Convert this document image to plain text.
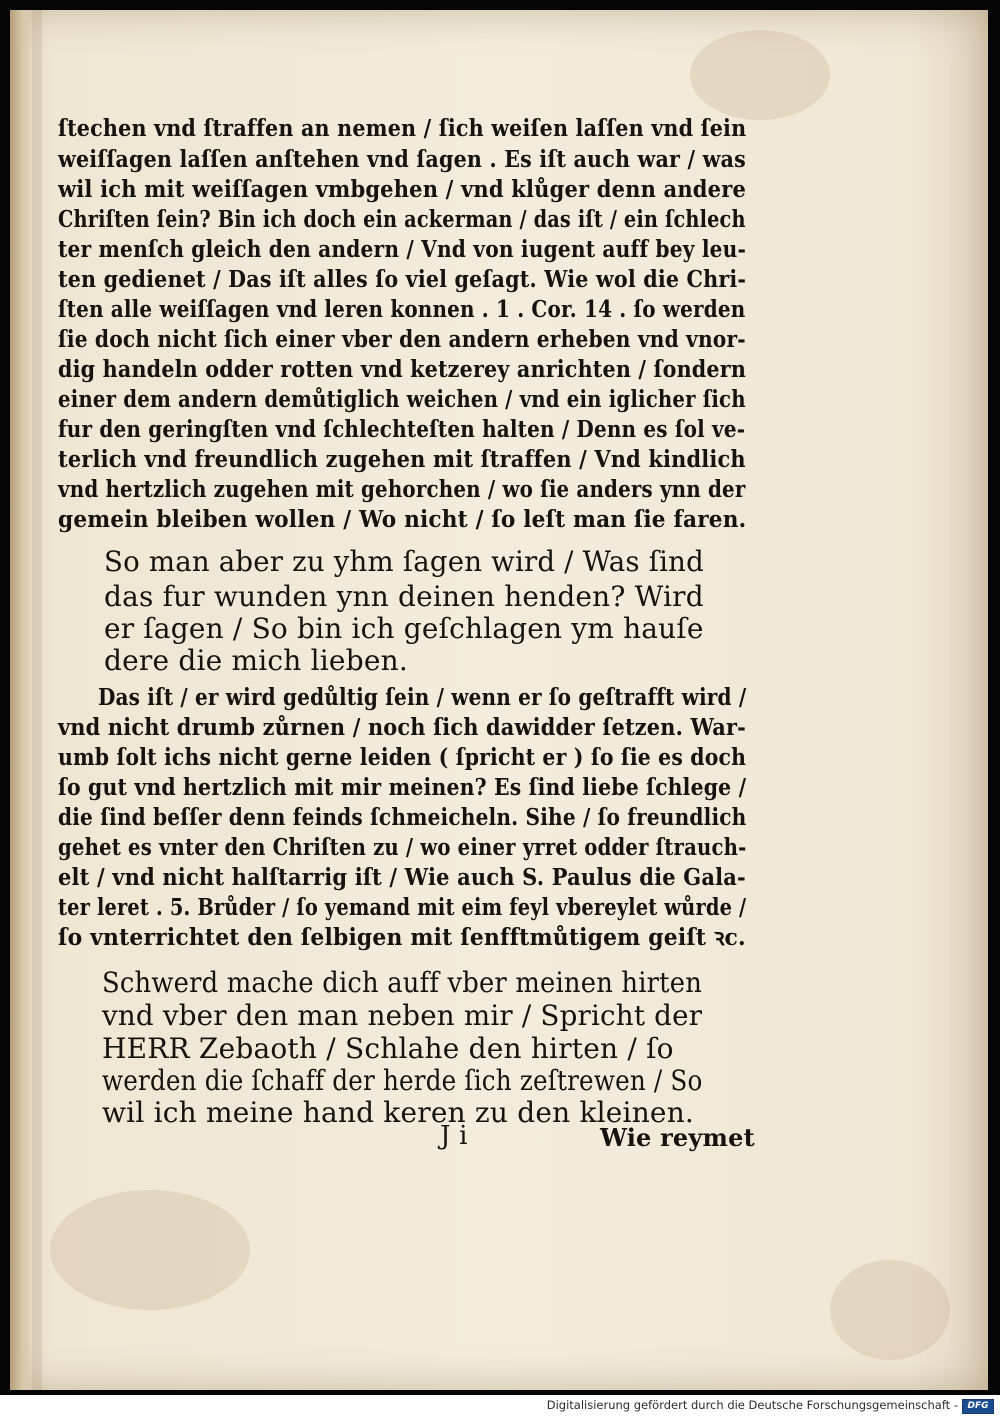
ſtechen vnd ſtraffen an nemen / ſich weiſen laſſen vnd ſein

weiſſagen laſſen anſtehen vnd ſagen . Es iſt auch war / was

wil ich mit weiſſagen vmbgehen / vnd klůger denn andere

Chriſten ſein? Bin ich doch ein ackerman / das iſt / ein ſchlech

ter menſch gleich den andern / Vnd von iugent auff bey leu-

ten gedienet / Das iſt alles ſo viel geſagt. Wie wol die Chri-

ſten alle weiſſagen vnd leren konnen . 1 . Cor. 14 . ſo werden

ſie doch nicht ſich einer vber den andern erheben vnd vnor-

dig handeln odder rotten vnd ketzerey anrichten / ſondern

einer dem andern demůtiglich weichen / vnd ein iglicher ſich

fur den geringſten vnd ſchlechteſten halten / Denn es ſol ve-

terlich vnd freundlich zugehen mit ſtraffen / Vnd kindlich

vnd hertzlich zugehen mit gehorchen / wo ſie anders ynn der

gemein bleiben wollen / Wo nicht / ſo leſt man ſie faren.

So man aber zu yhm ſagen wird / Was ſind

das fur wunden ynn deinen henden? Wird

er ſagen / So bin ich geſchlagen ym hauſe

dere die mich lieben.

Das iſt / er wird gedůltig ſein / wenn er ſo geſtrafft wird /

vnd nicht drumb zůrnen / noch ſich dawidder ſetzen. War-

umb ſolt ichs nicht gerne leiden ( ſpricht er ) ſo ſie es doch

ſo gut vnd hertzlich mit mir meinen? Es ſind liebe ſchlege /

die ſind beſſer denn feinds ſchmeicheln. Sihe / ſo freundlich

gehet es vnter den Chriſten zu / wo einer yrret odder ſtrauch-

elt / vnd nicht halſtarrig iſt / Wie auch S. Paulus die Gala-

ter leret . 5. Brůder / ſo yemand mit eim feyl vbereylet wůrde /

ſo vnterrichtet den ſelbigen mit ſenfftmůtigem geiſt ꝛc.

Schwerd mache dich auff vber meinen hirten

vnd vber den man neben mir / Spricht der

HERR Zebaoth / Schlahe den hirten / ſo

werden die ſchaff der herde ſich zeſtrewen / So

wil ich meine hand keren zu den kleinen.

J i	Wie reymet

Digitalisierung gefördert durch die Deutsche Forschungsgemeinschaft -	DFG
